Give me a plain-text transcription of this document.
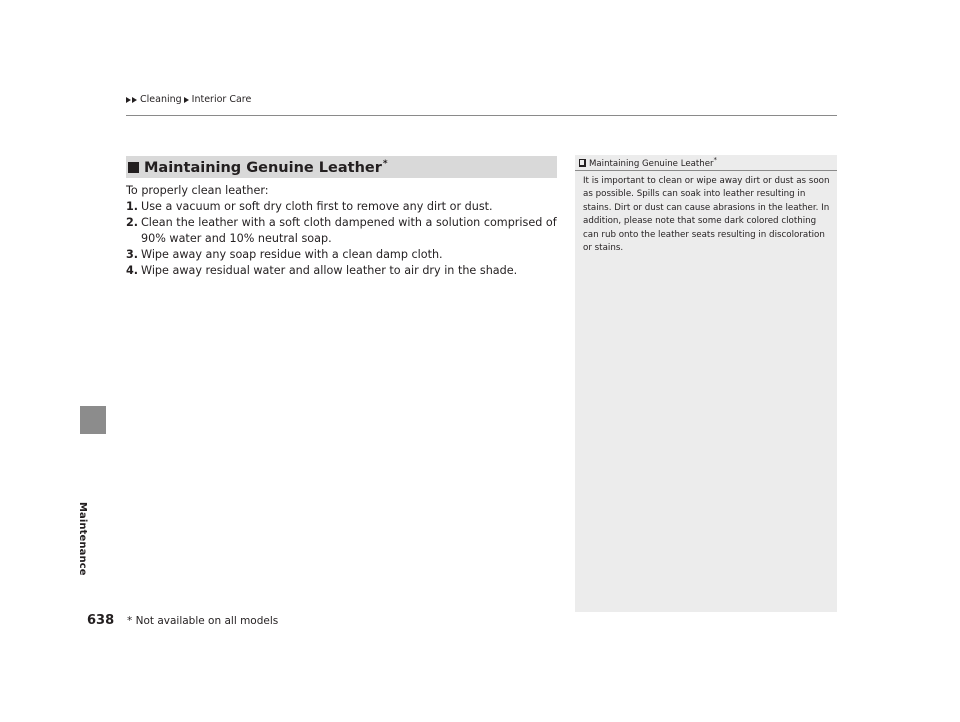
Cleaning Interior Care
Maintenance
Maintaining Genuine Leather*
To properly clean leather:
1. Use a vacuum or soft dry cloth first to remove any dirt or dust.
2. Clean the leather with a soft cloth dampened with a solution comprised of 90% water and 10% neutral soap.
3. Wipe away any soap residue with a clean damp cloth.
4. Wipe away residual water and allow leather to air dry in the shade.
Maintaining Genuine Leather*
It is important to clean or wipe away dirt or dust as soon as possible. Spills can soak into leather resulting in stains. Dirt or dust can cause abrasions in the leather. In addition, please note that some dark colored clothing can rub onto the leather seats resulting in discoloration or stains.
638 * Not available on all models
